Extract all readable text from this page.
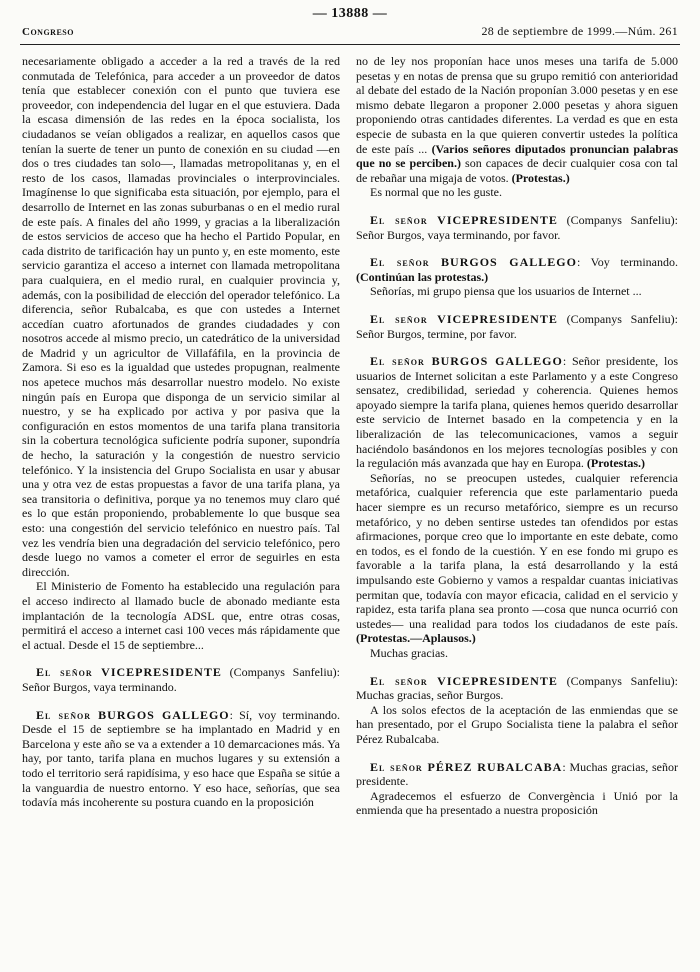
— 13888 —
Congreso	28 de septiembre de 1999.—Núm. 261

necesariamente obligado a acceder a la red a través de la red conmutada de Telefónica, para acceder a un proveedor de datos tenía que establecer conexión con el punto que tuviera ese proveedor, con independencia del lugar en el que estuviera. Dada la escasa dimensión de las redes en la época socialista, los ciudadanos se veían obligados a realizar, en aquellos casos que tenían la suerte de tener un punto de conexión en su ciudad —en dos o tres ciudades tan solo—, llamadas metropolitanas y, en el resto de los casos, llamadas provinciales o interprovinciales. Imagínense lo que significaba esta situación, por ejemplo, para el desarrollo de Internet en las zonas suburbanas o en el medio rural de este país. A finales del año 1999, y gracias a la liberalización de estos servicios de acceso que ha hecho el Partido Popular, en cada distrito de tarificación hay un punto y, en este momento, este servicio garantiza el acceso a internet con llamada metropolitana para cualquiera, en el medio rural, en cualquier provincia y, además, con la posibilidad de elección del operador telefónico. La diferencia, señor Rubalcaba, es que con ustedes a Internet accedían cuatro afortunados de grandes ciudadades y con nosotros accede al mismo precio, un catedrático de la universidad de Madrid y un agricultor de Villafáfila, en la provincia de Zamora. Si eso es la igualdad que ustedes propugnan, realmente nos apetece muchos más desarrollar nuestro modelo. No existe ningún país en Europa que disponga de un servicio similar al nuestro, y se ha explicado por activa y por pasiva que la configuración en estos momentos de una tarifa plana transitoria sin la cobertura tecnológica suficiente podría suponer, supondría de hecho, la saturación y la congestión de nuestro servicio telefónico. Y la insistencia del Grupo Socialista en usar y abusar una y otra vez de estas propuestas a favor de una tarifa plana, ya sea transitoria o definitiva, porque ya no tenemos muy claro qué es lo que están proponiendo, probablemente lo que busque sea esto: una congestión del servicio telefónico en nuestro país. Tal vez les vendría bien una degradación del servicio telefónico, pero desde luego no vamos a cometer el error de seguirles en esta dirección.

El Ministerio de Fomento ha establecido una regulación para el acceso indirecto al llamado bucle de abonado mediante esta implantación de la tecnología ADSL que, entre otras cosas, permitirá el acceso a internet casi 100 veces más rápidamente que el actual. Desde el 15 de septiembre...

El señor VICEPRESIDENTE (Companys Sanfeliu): Señor Burgos, vaya terminando.

El señor BURGOS GALLEGO: Sí, voy terminando. Desde el 15 de septiembre se ha implantado en Madrid y en Barcelona y este año se va a extender a 10 demarcaciones más. Ya hay, por tanto, tarifa plana en muchos lugares y su extensión a todo el territorio será rapidísima, y eso hace que España se sitúe a la vanguardia de nuestro entorno. Y eso hace, señorías, que sea todavía más incoherente su postura cuando en la proposición

no de ley nos proponían hace unos meses una tarifa de 5.000 pesetas y en notas de prensa que su grupo remitió con anterioridad al debate del estado de la Nación proponían 3.000 pesetas y en ese mismo debate llegaron a proponer 2.000 pesetas y ahora siguen proponiendo otras cantidades diferentes. La verdad es que en esta especie de subasta en la que quieren convertir ustedes la política de este país ... (Varios señores diputados pronuncian palabras que no se perciben.) son capaces de decir cualquier cosa con tal de rebañar una migaja de votos. (Protestas.)

Es normal que no les guste.

El señor VICEPRESIDENTE (Companys Sanfeliu): Señor Burgos, vaya terminando, por favor.

El señor BURGOS GALLEGO: Voy terminando. (Continúan las protestas.)

Señorías, mi grupo piensa que los usuarios de Internet ...

El señor VICEPRESIDENTE (Companys Sanfeliu): Señor Burgos, termine, por favor.

El señor BURGOS GALLEGO: Señor presidente, los usuarios de Internet solicitan a este Parlamento y a este Congreso sensatez, credibilidad, seriedad y coherencia. Quienes hemos apoyado siempre la tarifa plana, quienes hemos querido desarrollar este servicio de Internet basado en la competencia y en la liberalización de las telecomunicaciones, vamos a seguir haciéndolo basándonos en los mejores tecnologías posibles y con la regulación más avanzada que hay en Europa. (Protestas.)

Señorías, no se preocupen ustedes, cualquier referencia metafórica, cualquier referencia que este parlamentario pueda hacer siempre es un recurso metafórico, siempre es un recurso metafórico, y no deben sentirse ustedes tan ofendidos por estas afirmaciones, porque creo que lo importante en este debate, como en todos, es el fondo de la cuestión. Y en ese fondo mi grupo es favorable a la tarifa plana, la está desarrollando y la está impulsando este Gobierno y vamos a respaldar cuantas iniciativas permitan que, todavía con mayor eficacia, calidad en el servicio y rapidez, esta tarifa plana sea pronto —cosa que nunca ocurrió con ustedes— una realidad para todos los ciudadanos de este país. (Protestas.—Aplausos.)

Muchas gracias.

El señor VICEPRESIDENTE (Companys Sanfeliu): Muchas gracias, señor Burgos.

A los solos efectos de la aceptación de las enmiendas que se han presentado, por el Grupo Socialista tiene la palabra el señor Pérez Rubalcaba.

El señor PÉREZ RUBALCABA: Muchas gracias, señor presidente.

Agradecemos el esfuerzo de Convergència i Unió por la enmienda que ha presentado a nuestra proposición
